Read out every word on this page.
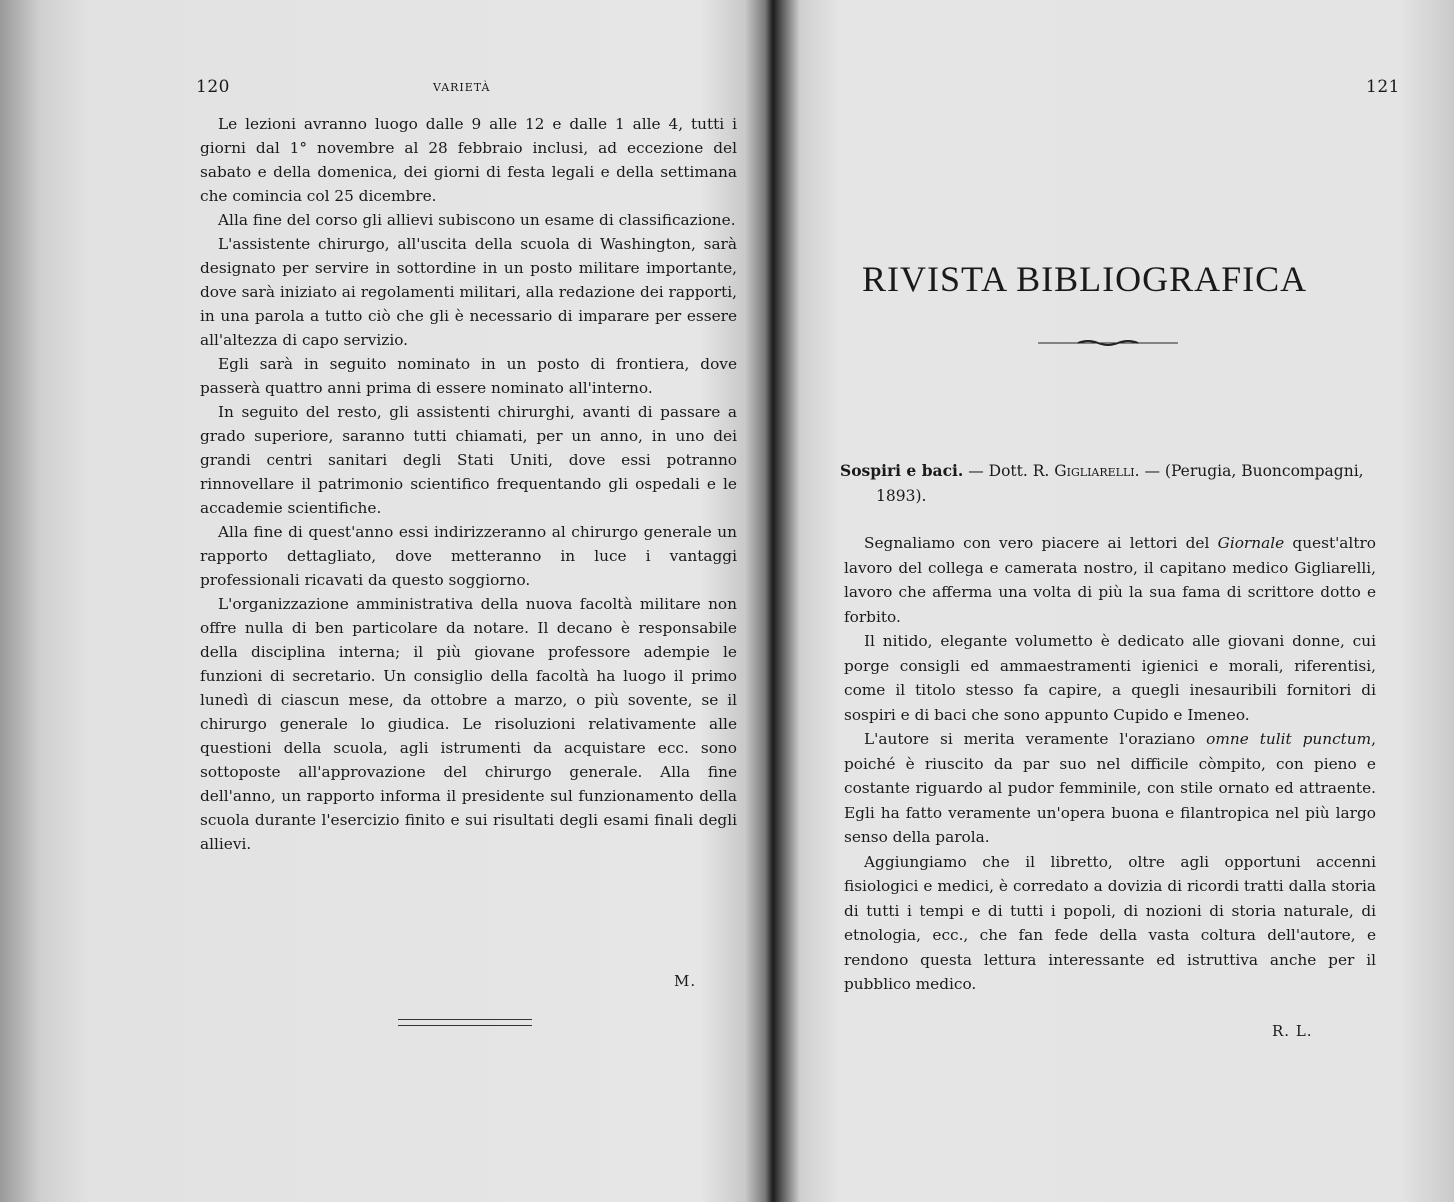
120	VARIETÀ

Le lezioni avranno luogo dalle 9 alle 12 e dalle 1 alle 4, tutti i giorni dal 1° novembre al 28 febbraio inclusi, ad eccezione del sabato e della domenica, dei giorni di festa legali e della settimana che comincia col 25 dicembre.

Alla fine del corso gli allievi subiscono un esame di classificazione.

L'assistente chirurgo, all'uscita della scuola di Washington, sarà designato per servire in sottordine in un posto militare importante, dove sarà iniziato ai regolamenti militari, alla redazione dei rapporti, in una parola a tutto ciò che gli è necessario di imparare per essere all'altezza di capo servizio.

Egli sarà in seguito nominato in un posto di frontiera, dove passerà quattro anni prima di essere nominato all'interno.

In seguito del resto, gli assistenti chirurghi, avanti di passare a grado superiore, saranno tutti chiamati, per un anno, in uno dei grandi centri sanitari degli Stati Uniti, dove essi potranno rinnovellare il patrimonio scientifico frequentando gli ospedali e le accademie scientifiche.

Alla fine di quest'anno essi indirizzeranno al chirurgo generale un rapporto dettagliato, dove metteranno in luce i vantaggi professionali ricavati da questo soggiorno.

L'organizzazione amministrativa della nuova facoltà militare non offre nulla di ben particolare da notare. Il decano è responsabile della disciplina interna; il più giovane professore adempie le funzioni di secretario. Un consiglio della facoltà ha luogo il primo lunedì di ciascun mese, da ottobre a marzo, o più sovente, se il chirurgo generale lo giudica. Le risoluzioni relativamente alle questioni della scuola, agli istrumenti da acquistare ecc. sono sottoposte all'approvazione del chirurgo generale. Alla fine dell'anno, un rapporto informa il presidente sul funzionamento della scuola durante l'esercizio finito e sui risultati degli esami finali degli allievi.

M.
121
RIVISTA BIBLIOGRAFICA
Sospiri e baci. — Dott. R. Gigliarelli. — (Perugia, Buoncompagni, 1893).

Segnaliamo con vero piacere ai lettori del Giornale quest'altro lavoro del collega e camerata nostro, il capitano medico Gigliarelli, lavoro che afferma una volta di più la sua fama di scrittore dotto e forbito.

Il nitido, elegante volumetto è dedicato alle giovani donne, cui porge consigli ed ammaestramenti igienici e morali, riferentisi, come il titolo stesso fa capire, a quegli inesauribili fornitori di sospiri e di baci che sono appunto Cupido e Imeneo.

L'autore si merita veramente l'oraziano omne tulit punctum, poiché è riuscito da par suo nel difficile còmpito, con pieno e costante riguardo al pudor femminile, con stile ornato ed attraente. Egli ha fatto veramente un'opera buona e filantropica nel più largo senso della parola.

Aggiungiamo che il libretto, oltre agli opportuni accenni fisiologici e medici, è corredato a dovizia di ricordi tratti dalla storia di tutti i tempi e di tutti i popoli, di nozioni di storia naturale, di etnologia, ecc., che fan fede della vasta coltura dell'autore, e rendono questa lettura interessante ed istruttiva anche per il pubblico medico.

R. L.
